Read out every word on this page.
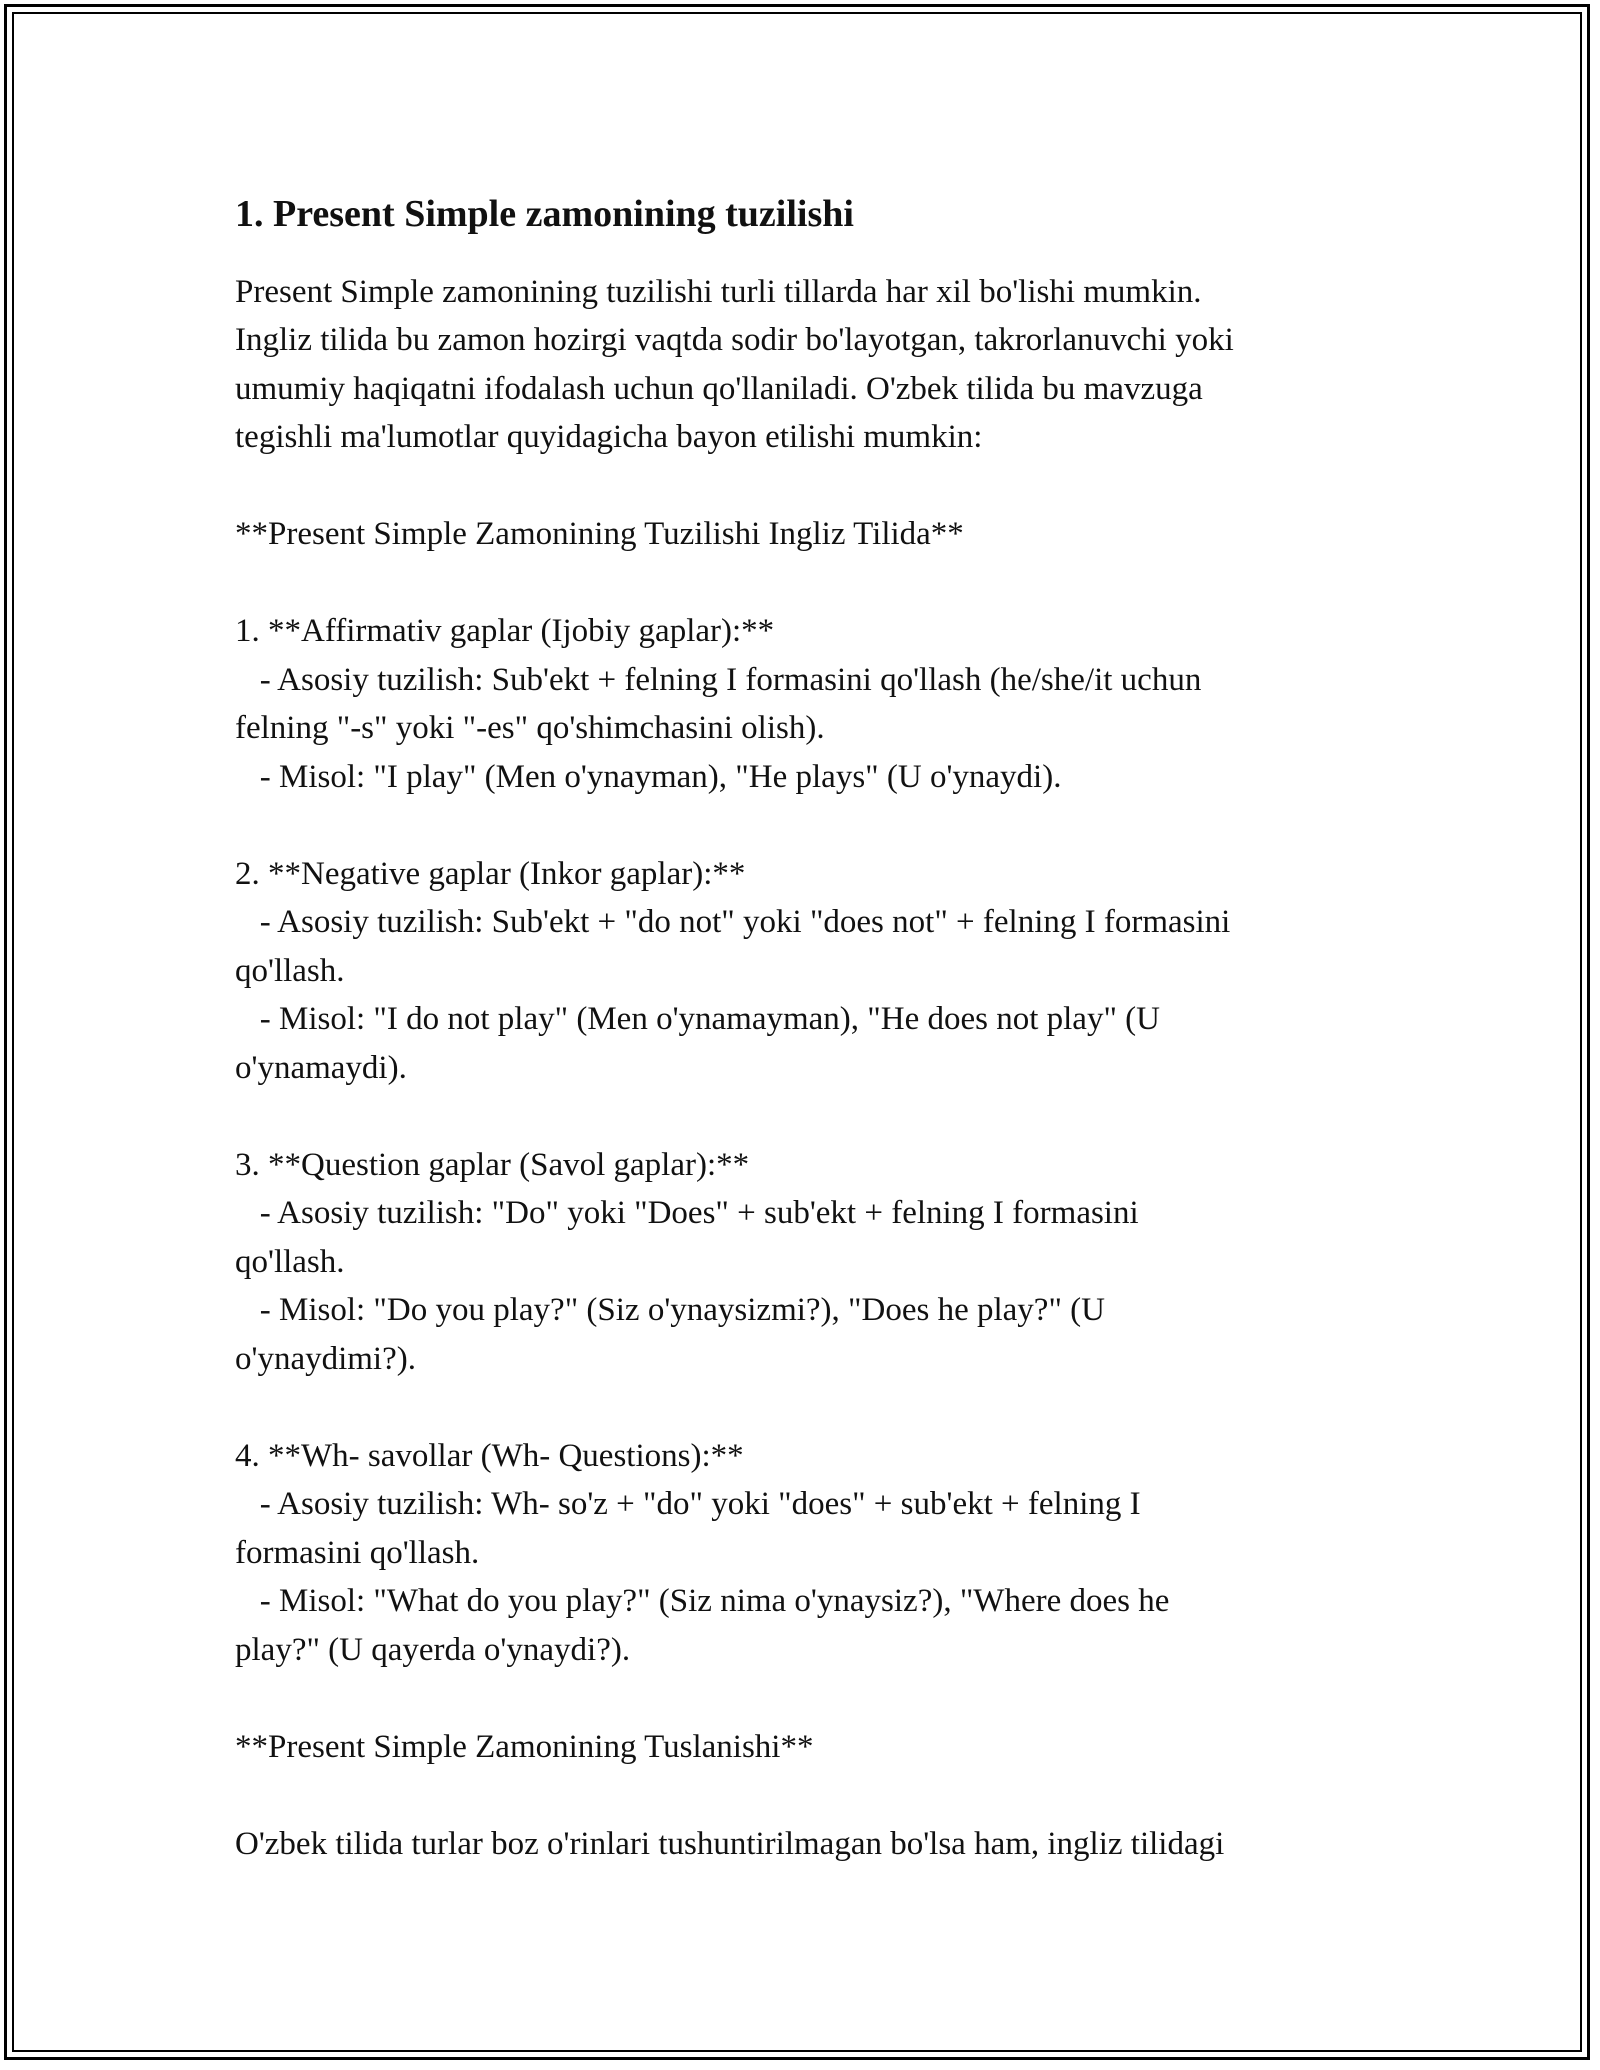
1. Present Simple zamonining tuzilishi
Present Simple zamonining tuzilishi turli tillarda har xil bo'lishi mumkin.
Ingliz tilida bu zamon hozirgi vaqtda sodir bo'layotgan, takrorlanuvchi yoki
umumiy haqiqatni ifodalash uchun qo'llaniladi. O'zbek tilida bu mavzuga
tegishli ma'lumotlar quyidagicha bayon etilishi mumkin:
**Present Simple Zamonining Tuzilishi Ingliz Tilida**
1. **Affirmativ gaplar (Ijobiy gaplar):**
- Asosiy tuzilish: Sub'ekt + felning I formasini qo'llash (he/she/it uchun
felning "-s" yoki "-es" qo'shimchasini olish).
- Misol: "I play" (Men o'ynayman), "He plays" (U o'ynaydi).
2. **Negative gaplar (Inkor gaplar):**
- Asosiy tuzilish: Sub'ekt + "do not" yoki "does not" + felning I formasini
qo'llash.
- Misol: "I do not play" (Men o'ynamayman), "He does not play" (U
o'ynamaydi).
3. **Question gaplar (Savol gaplar):**
- Asosiy tuzilish: "Do" yoki "Does" + sub'ekt + felning I formasini
qo'llash.
- Misol: "Do you play?" (Siz o'ynaysizmi?), "Does he play?" (U
o'ynaydimi?).
4. **Wh- savollar (Wh- Questions):**
- Asosiy tuzilish: Wh- so'z + "do" yoki "does" + sub'ekt + felning I
formasini qo'llash.
- Misol: "What do you play?" (Siz nima o'ynaysiz?), "Where does he
play?" (U qayerda o'ynaydi?).
**Present Simple Zamonining Tuslanishi**
O'zbek tilida turlar boz o'rinlari tushuntirilmagan bo'lsa ham, ingliz tilidagi
